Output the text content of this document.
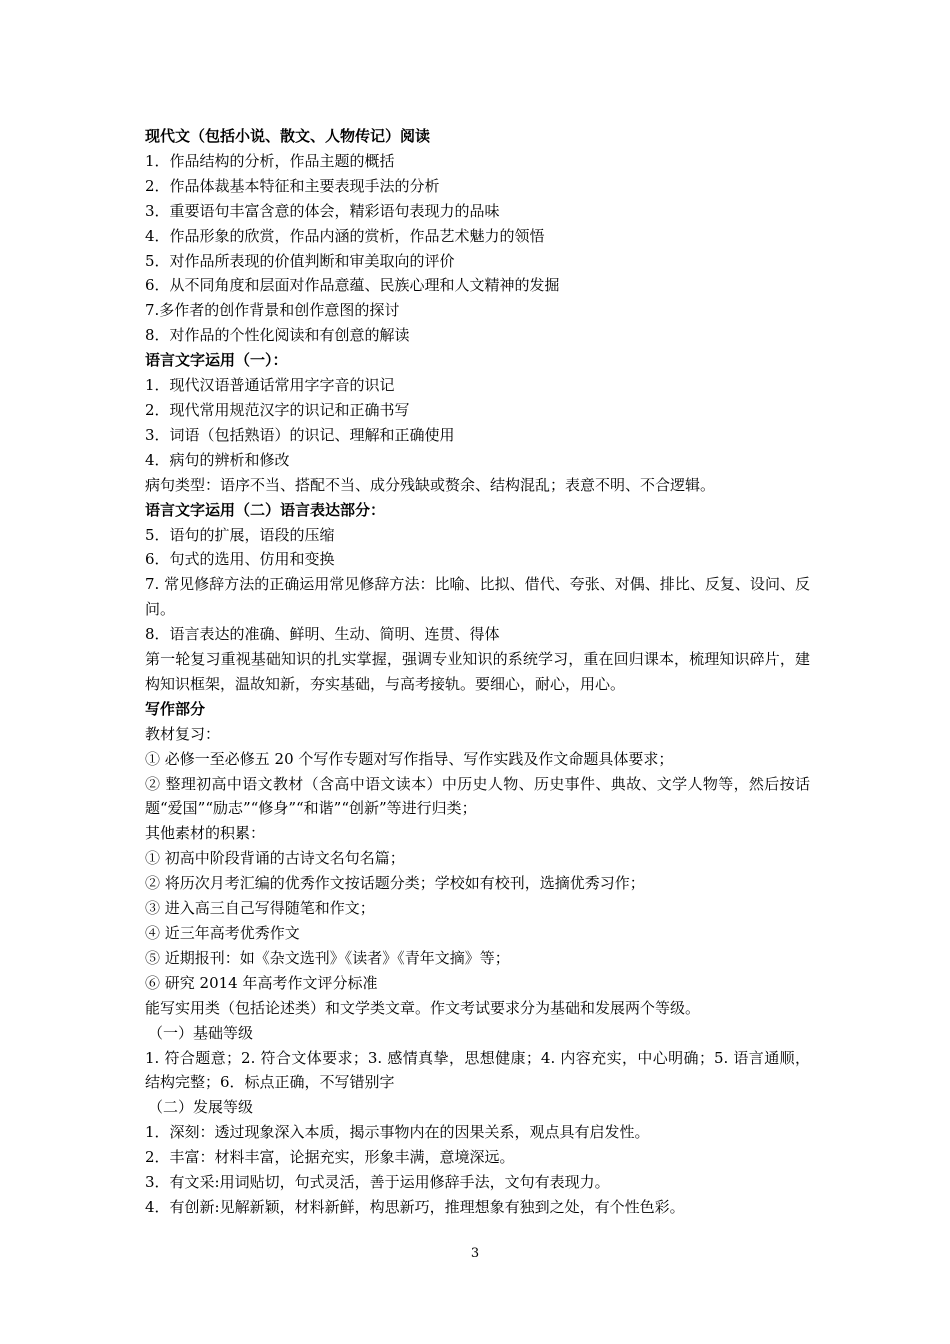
现代文（包括小说、散文、人物传记）阅读
1．作品结构的分析，作品主题的概括
2．作品体裁基本特征和主要表现手法的分析
3．重要语句丰富含意的体会，精彩语句表现力的品味
4．作品形象的欣赏，作品内涵的赏析，作品艺术魅力的领悟
5．对作品所表现的价值判断和审美取向的评价
6．从不同角度和层面对作品意蕴、民族心理和人文精神的发掘
7.多作者的创作背景和创作意图的探讨
8．对作品的个性化阅读和有创意的解读
语言文字运用（一）：
1．现代汉语普通话常用字字音的识记
2．现代常用规范汉字的识记和正确书写
3．词语（包括熟语）的识记、理解和正确使用
4．病句的辨析和修改
病句类型：语序不当、搭配不当、成分残缺或赘余、结构混乱；表意不明、不合逻辑。
语言文字运用（二）语言表达部分：
5．语句的扩展，语段的压缩
6．句式的选用、仿用和变换
7. 常见修辞方法的正确运用常见修辞方法：比喻、比拟、借代、夸张、对偶、排比、反复、设问、反问。
8．语言表达的准确、鲜明、生动、简明、连贯、得体
第一轮复习重视基础知识的扎实掌握，强调专业知识的系统学习，重在回归课本，梳理知识碎片，建构知识框架，温故知新，夯实基础，与高考接轨。要细心，耐心，用心。
写作部分
教材复习：
① 必修一至必修五 20 个写作专题对写作指导、写作实践及作文命题具体要求；
② 整理初高中语文教材（含高中语文读本）中历史人物、历史事件、典故、文学人物等，然后按话题“爱国”“励志”“修身”“和谐”“创新”等进行归类；
其他素材的积累：
① 初高中阶段背诵的古诗文名句名篇；
② 将历次月考汇编的优秀作文按话题分类；学校如有校刊，选摘优秀习作；
③ 进入高三自己写得随笔和作文；
④ 近三年高考优秀作文
⑤ 近期报刊：如《杂文选刊》《读者》《青年文摘》等；
⑥ 研究 2014 年高考作文评分标准
能写实用类（包括论述类）和文学类文章。作文考试要求分为基础和发展两个等级。
（一）基础等级
1. 符合题意；2. 符合文体要求；3. 感情真挚，思想健康；4. 内容充实，中心明确；5. 语言通顺，结构完整；6．标点正确，不写错别字
（二）发展等级
1．深刻：透过现象深入本质，揭示事物内在的因果关系，观点具有启发性。
2．丰富：材料丰富，论据充实，形象丰满，意境深远。
3．有文采:用词贴切，句式灵活，善于运用修辞手法，文句有表现力。
4．有创新:见解新颖，材料新鲜，构思新巧，推理想象有独到之处，有个性色彩。
3
